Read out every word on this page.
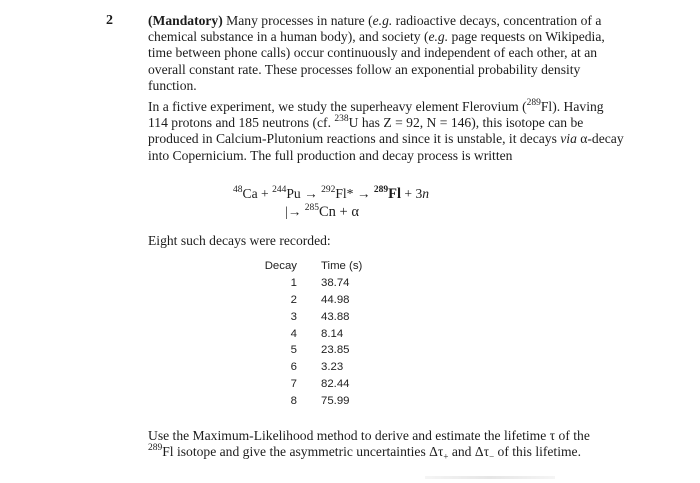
2	(Mandatory) Many processes in nature (e.g. radioactive decays, concentration of a chemical substance in a human body), and society (e.g. page requests on Wikipedia, time between phone calls) occur continuously and independent of each other, at an overall constant rate. These processes follow an exponential probability density function.
In a fictive experiment, we study the superheavy element Flerovium ($^{289}$Fl). Having 114 protons and 185 neutrons (cf. $^{238}$U has Z = 92, N = 146), this isotope can be produced in Calcium-Plutonium reactions and since it is unstable, it decays via α-decay into Copernicium. The full production and decay process is written
$^{48}$Ca + $^{244}$Pu → $^{292}$Fl* → $^{289}$Fl + 3n
|→ $^{285}$Cn + α
Eight such decays were recorded:
Decay	Time (s)
1	38.74
2	44.98
3	43.88
4	8.14
5	23.85
6	3.23
7	82.44
8	75.99
Use the Maximum-Likelihood method to derive and estimate the lifetime τ of the $^{289}$Fl isotope and give the asymmetric uncertainties $\Delta\tau_+$ and $\Delta\tau_-$ of this lifetime.
